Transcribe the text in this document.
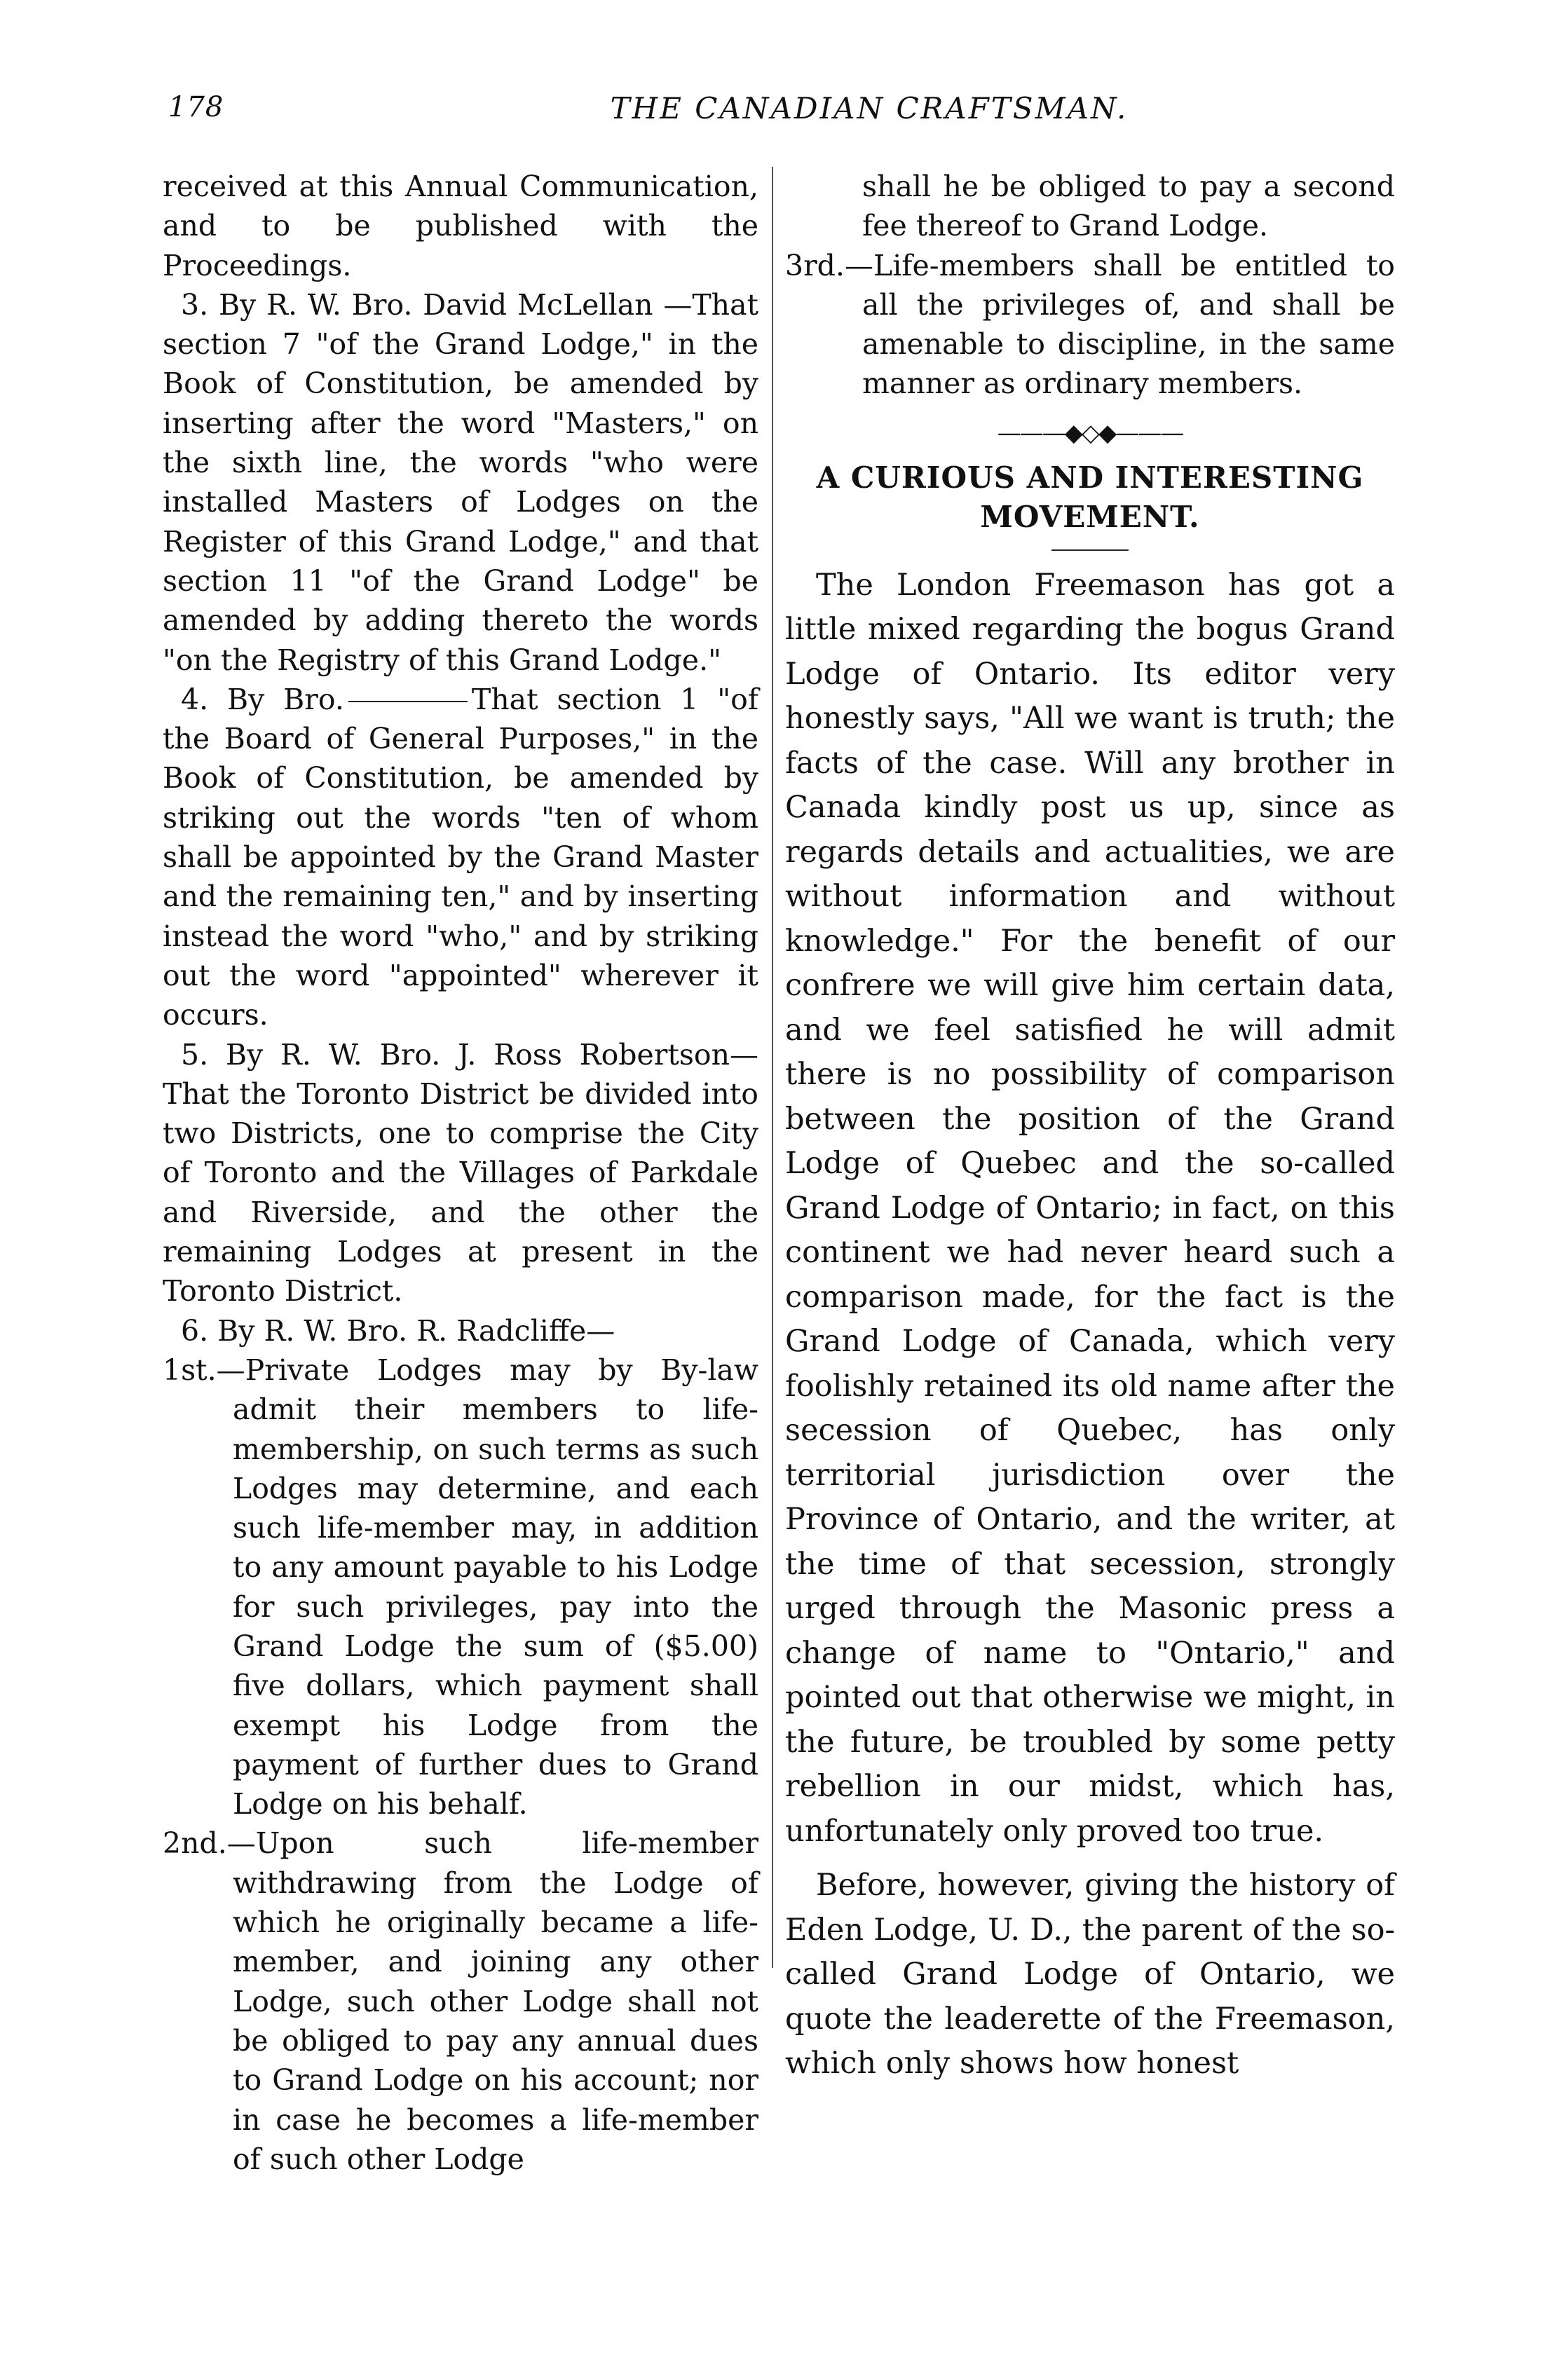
178	THE CANADIAN CRAFTSMAN.

received at this Annual Communication, and to be published with the Proceedings.

3. By R. W. Bro. David McLellan —That section 7 "of the Grand Lodge," in the Book of Constitution, be amended by inserting after the word "Masters," on the sixth line, the words "who were installed Masters of Lodges on the Register of this Grand Lodge," and that section 11 "of the Grand Lodge" be amended by adding thereto the words "on the Registry of this Grand Lodge."

4. By Bro.	That section 1 "of the Board of General Purposes," in the Book of Constitution, be amended by striking out the words "ten of whom shall be appointed by the Grand Master and the remaining ten," and by inserting instead the word "who," and by striking out the word "appointed" wherever it occurs.

5. By R. W. Bro. J. Ross Robertson—That the Toronto District be divided into two Districts, one to comprise the City of Toronto and the Villages of Parkdale and Riverside, and the other the remaining Lodges at present in the Toronto District.

6. By R. W. Bro. R. Radcliffe—

1st.—Private Lodges may by By-law admit their members to life-membership, on such terms as such Lodges may determine, and each such life-member may, in addition to any amount payable to his Lodge for such privileges, pay into the Grand Lodge the sum of ($5.00) five dollars, which payment shall exempt his Lodge from the payment of further dues to Grand Lodge on his behalf.

2nd.—Upon such life-member withdrawing from the Lodge of which he originally became a life-member, and joining any other Lodge, such other Lodge shall not be obliged to pay any annual dues to Grand Lodge on his account; nor in case he becomes a life-member of such other Lodge

shall he be obliged to pay a second fee thereof to Grand Lodge.

3rd.—Life-members shall be entitled to all the privileges of, and shall be amenable to discipline, in the same manner as ordinary members.

———◆◇◆———
A CURIOUS AND INTERESTING MOVEMENT.

The London Freemason has got a little mixed regarding the bogus Grand Lodge of Ontario. Its editor very honestly says, "All we want is truth; the facts of the case. Will any brother in Canada kindly post us up, since as regards details and actualities, we are without information and without knowledge." For the benefit of our confrere we will give him certain data, and we feel satisfied he will admit there is no possibility of comparison between the position of the Grand Lodge of Quebec and the so-called Grand Lodge of Ontario; in fact, on this continent we had never heard such a comparison made, for the fact is the Grand Lodge of Canada, which very foolishly retained its old name after the secession of Quebec, has only territorial jurisdiction over the Province of Ontario, and the writer, at the time of that secession, strongly urged through the Masonic press a change of name to "Ontario," and pointed out that otherwise we might, in the future, be troubled by some petty rebellion in our midst, which has, unfortunately only proved too true.

Before, however, giving the history of Eden Lodge, U. D., the parent of the so-called Grand Lodge of Ontario, we quote the leaderette of the Freemason, which only shows how honest
